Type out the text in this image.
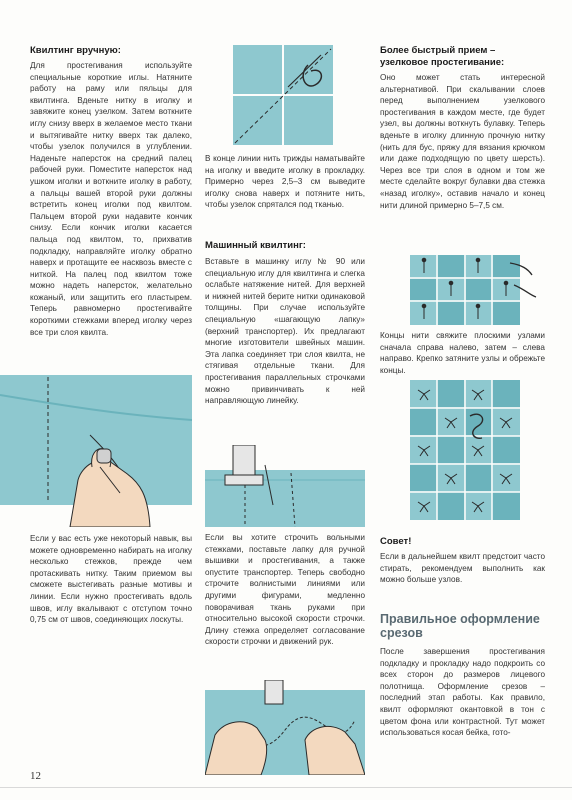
Квилтинг вручную:

Для простегивания используйте специальные короткие иглы. Натяните работу на раму или пяльцы для квилтинга. Вденьте нитку в иголку и завяжите конец узелком. Затем воткните иглу снизу вверх в желаемое место ткани и вытягивайте нитку вверх так далеко, чтобы узелок получился в углублении. Наденьте наперсток на средний палец рабочей руки. Поместите наперсток над ушком иголки и воткните иголку в работу, а пальцы вашей второй руки должны встретить конец иголки под квилтом. Пальцем второй руки надавите кончик снизу. Если кончик иголки касается пальца под квилтом, то, прихватив подкладку, направляйте иголку обратно наверх и протащите ее насквозь вместе с ниткой. На палец под квилтом тоже можно надеть наперсток, желательно кожаный, или защитить его пластырем. Теперь равномерно простегивайте короткими стежками вперед иголку через все три слоя квилта.

Если у вас есть уже некоторый навык, вы можете одновременно набирать на иголку несколько стежков, прежде чем протаскивать нитку. Таким приемом вы сможете выстегивать разные мотивы и линии. Если нужно простегивать вдоль швов, иглу вкалывают с отступом точно 0,75 см от швов, соединяющих лоскуты.

В конце линии нить трижды наматывайте на иголку и введите иголку в прокладку. Примерно через 2,5–3 см выведите иголку снова наверх и потяните нить, чтобы узелок спрятался под тканью.

Машинный квилтинг:

Вставьте в машинку иглу № 90 или специальную иглу для квилтинга и слегка ослабьте натяжение нитей. Для верхней и нижней нитей берите нитки одинаковой толщины. При случае используйте специальную «шагающую лапку» (верхний транспортер). Их предлагают многие изготовители швейных машин. Эта лапка соединяет три слоя квилта, не стягивая отдельные ткани. Для простегивания параллельных строчками можно привинчивать к ней направляющую линейку.

Если вы хотите строчить вольными стежками, поставьте лапку для ручной вышивки и простегивания, а также опустите транспортер. Теперь свободно строчите волнистыми линиями или другими фигурами, медленно поворачивая ткань руками при относительно высокой скорости строчки. Длину стежка определяет согласование скорости строчки и движений рук.

Более быстрый прием – узелковое простегивание:

Оно может стать интересной альтернативой. При скалывании слоев перед выполнением узелкового простегивания в каждом месте, где будет узел, вы должны воткнуть булавку. Теперь вденьте в иголку длинную прочную нитку (нить для бус, пряжу для вязания крючком или даже подходящую по цвету шерсть). Через все три слоя в одном и том же месте сделайте вокруг булавки два стежка «назад иголку», оставив начало и конец нити длиной примерно 5–7,5 см.

Концы нити свяжите плоскими узлами сначала справа налево, затем – слева направо. Крепко затяните узлы и обрежьте концы.

Совет!

Если в дальнейшем квилт предстоит часто стирать, рекомендуем выполнить как можно больше узлов.

Правильное оформление срезов

После завершения простегивания подкладку и прокладку надо подкроить со всех сторон до размеров лицевого полотнища. Оформление срезов – последний этап работы. Как правило, квилт оформляют окантовкой в тон с цветом фона или контрастной. Тут может использоваться косая бейка, гото-

12
